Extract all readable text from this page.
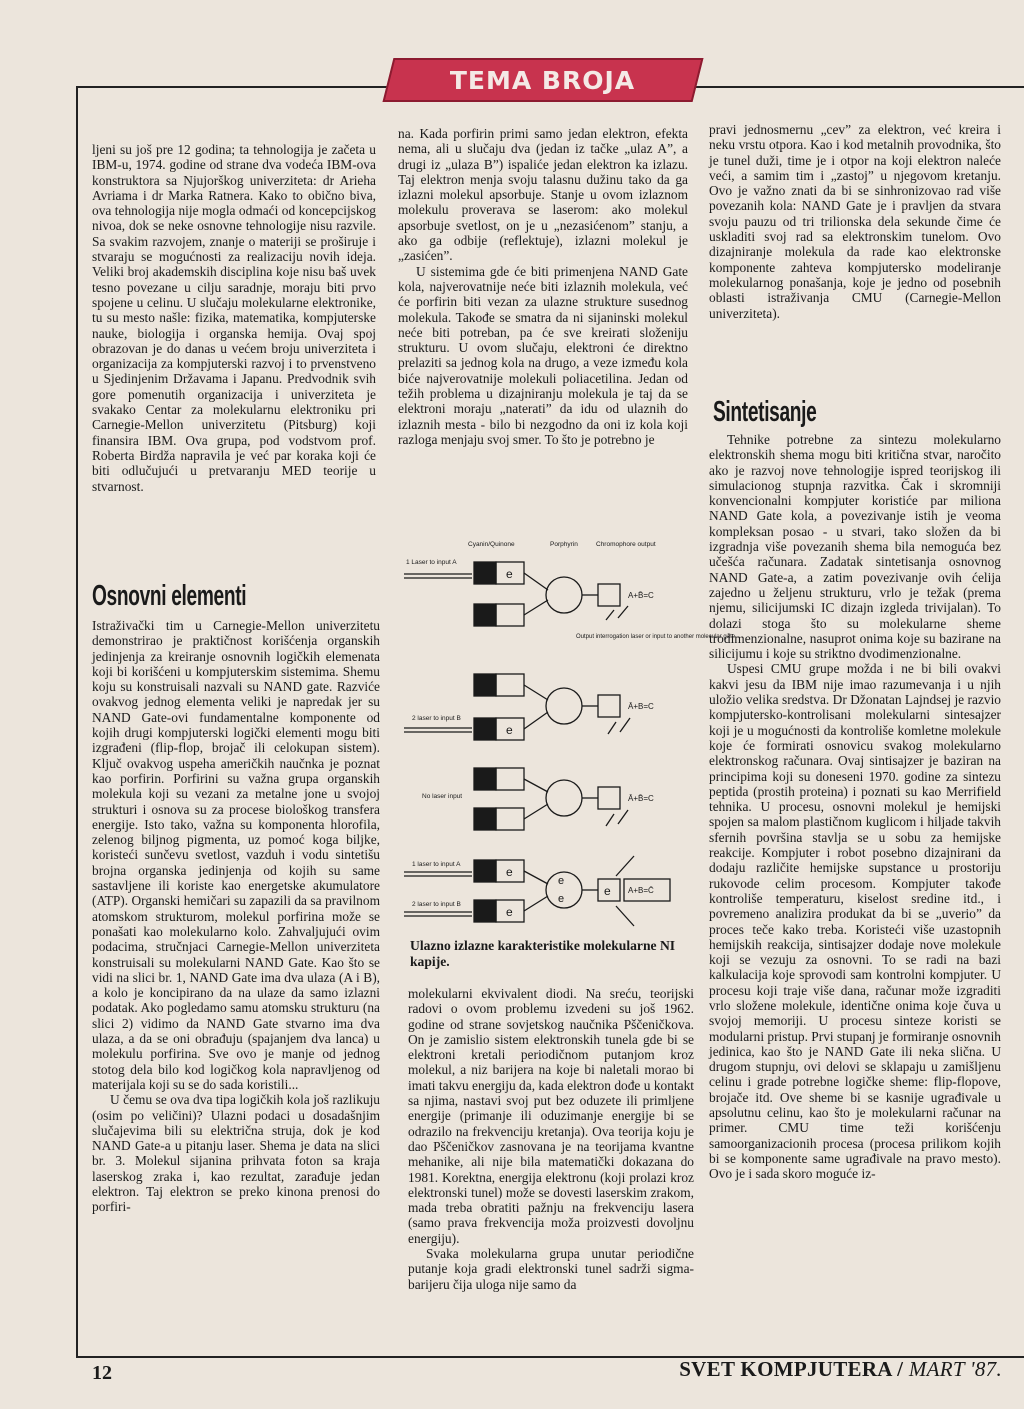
TEMA BROJA

ljeni su još pre 12 godina; ta tehnologija je začeta u IBM-u, 1974. godine od strane dva vodeća IBM-ova konstruktora sa Njujorškog univerziteta: dr Arieha Avriama i dr Marka Ratnera. Kako to obično biva, ova tehnologija nije mogla odmaći od koncepcijskog nivoa, dok se neke osnovne tehnologije nisu razvile. Sa svakim razvojem, znanje o materiji se proširuje i stvaraju se mogućnosti za realizaciju novih ideja. Veliki broj akademskih disciplina koje nisu baš uvek tesno povezane u cilju saradnje, moraju biti prvo spojene u celinu. U slučaju molekularne elektronike, tu su mesto našle: fizika, matematika, kompjuterske nauke, biologija i organska hemija. Ovaj spoj obrazovan je do danas u većem broju univerziteta i organizacija za kompjuterski razvoj i to prvenstveno u Sjedinjenim Državama i Japanu. Predvodnik svih gore pomenutih organizacija i univerziteta je svakako Centar za molekularnu elektroniku pri Carnegie-Mellon univerzitetu (Pitsburg) koji finansira IBM. Ova grupa, pod vodstvom prof. Roberta Birdža napravila je već par koraka koji će biti odlučujući u pretvaranju MED teorije u stvarnost.

Osnovni elementi

Istraživački tim u Carnegie-Mellon univerzitetu demonstrirao je praktičnost korišćenja organskih jedinjenja za kreiranje osnovnih logičkih elemenata koji bi korišćeni u kompjuterskim sistemima. Shemu koju su konstruisali nazvali su NAND gate. Razviće ovakvog jednog elementa veliki je napredak jer su NAND Gate-ovi fundamentalne komponente od kojih drugi kompjuterski logički elementi mogu biti izgrađeni (flip-flop, brojač ili celokupan sistem). Ključ ovakvog uspeha američkih naučnka je poznat kao porfirin. Porfirini su važna grupa organskih molekula koji su vezani za metalne jone u svojoj strukturi i osnova su za procese biološkog transfera energije. Isto tako, važna su komponenta hlorofila, zelenog biljnog pigmenta, uz pomoć koga biljke, koristeći sunčevu svetlost, vazduh i vodu sintetišu brojna organska jedinjenja od kojih su same sastavljene ili koriste kao energetske akumulatore (ATP). Organski hemičari su zapazili da sa pravilnom atomskom strukturom, molekul porfirina može se ponašati kao molekularno kolo. Zahvaljujući ovim podacima, stručnjaci Carnegie-Mellon univerziteta konstruisali su molekularni NAND Gate. Kao što se vidi na slici br. 1, NAND Gate ima dva ulaza (A i B), a kolo je koncipirano da na ulaze da samo izlazni podatak. Ako pogledamo samu atomsku strukturu (na slici 2) vidimo da NAND Gate stvarno ima dva ulaza, a da se oni obrađuju (spajanjem dva lanca) u molekulu porfirina. Sve ovo je manje od jednog stotog dela bilo kod logičkog kola napravljenog od materijala koji su se do sada koristili...

U čemu se ova dva tipa logičkih kola još razlikuju (osim po veličini)? Ulazni podaci u dosadašnjim slučajevima bili su električna struja, dok je kod NAND Gate-a u pitanju laser. Shema je data na slici br. 3. Molekul sijanina prihvata foton sa kraja laserskog zraka i, kao rezultat, zarađuje jedan elektron. Taj elektron se preko kinona prenosi do porfiri-

na. Kada porfirin primi samo jedan elektron, efekta nema, ali u slučaju dva (jedan iz tačke „ulaz A”, a drugi iz „ulaza B”) ispaliće jedan elektron ka izlazu. Taj elektron menja svoju talasnu dužinu tako da ga izlazni molekul apsorbuje. Stanje u ovom izlaznom molekulu proverava se laserom: ako molekul apsorbuje svetlost, on je u „nezasićenom” stanju, a ako ga odbije (reflektuje), izlazni molekul je „zasićen”.

U sistemima gde će biti primenjena NAND Gate kola, najverovatnije neće biti izlaznih molekula, već će porfirin biti vezan za ulazne strukture susednog molekula. Takođe se smatra da ni sijaninski molekul neće biti potreban, pa će sve kreirati složeniju strukturu. U ovom slučaju, elektroni će direktno prelaziti sa jednog kola na drugo, a veze između kola biće najverovatnije molekuli poliacetilina. Jedan od težih problema u dizajniranju molekula je taj da se elektroni moraju „naterati” da idu od ulaznih do izlaznih mesta - bilo bi nezgodno da oni iz kola koji razloga menjaju svoj smer. To što je potrebno je

Cyanin/Quinone	Porphyrin	Chromophore output
1 Laser to input A
e
A+B̄=C
Output interrogation laser or input to another molecular gate
2 laser to input B
e
Ā+B=C
No laser input	Ā+B̄=C
1 laser to input A
e
2 laser to input B
e
e
e
e A+B=C̄

Ulazno izlazne karakteristike molekularne NI kapije.

molekularni ekvivalent diodi. Na sreću, teorijski radovi o ovom problemu izvedeni su još 1962. godine od strane sovjetskog naučnika Pščeničkova. On je zamislio sistem elektronskih tunela gde bi se elektroni kretali periodičnom putanjom kroz molekul, a niz barijera na koje bi naletali morao bi imati takvu energiju da, kada elektron dođe u kontakt sa njima, nastavi svoj put bez oduzete ili primljene energije (primanje ili oduzimanje energije bi se odrazilo na frekvenciju kretanja). Ova teorija koju je dao Pščeničkov zasnovana je na teorijama kvantne mehanike, ali nije bila matematički dokazana do 1981. Korektna, energija elektronu (koji prolazi kroz elektronski tunel) može se dovesti laserskim zrakom, mada treba obratiti pažnju na frekvenciju lasera (samo prava frekvencija moža proizvesti dovoljnu energiju).

Svaka molekularna grupa unutar periodične putanje koja gradi elektronski tunel sadrži sigma-barijeru čija uloga nije samo da

pravi jednosmernu „cev” za elektron, već kreira i neku vrstu otpora. Kao i kod metalnih provodnika, što je tunel duži, time je i otpor na koji elektron naleće veći, a samim tim i „zastoj” u njegovom kretanju. Ovo je važno znati da bi se sinhronizovao rad više povezanih kola: NAND Gate je i pravljen da stvara svoju pauzu od tri trilionska dela sekunde čime će uskladiti svoj rad sa elektronskim tunelom. Ovo dizajniranje molekula da rade kao elektronske komponente zahteva kompjutersko modeliranje molekularnog ponašanja, koje je jedno od posebnih oblasti istraživanja CMU (Carnegie-Mellon univerziteta).

Sintetisanje

Tehnike potrebne za sintezu molekularno elektronskih shema mogu biti kritična stvar, naročito ako je razvoj nove tehnologije ispred teorijskog ili simulacionog stupnja razvitka. Čak i skromniji konvencionalni kompjuter koristiće par miliona NAND Gate kola, a povezivanje istih je veoma kompleksan posao - u stvari, tako složen da bi izgradnja više povezanih shema bila nemoguća bez učešća računara. Zadatak sintetisanja osnovnog NAND Gate-a, a zatim povezivanje ovih ćelija zajedno u željenu strukturu, vrlo je težak (prema njemu, silicijumski IC dizajn izgleda trivijalan). To dolazi stoga što su molekularne sheme trodimenzionalne, nasuprot onima koje su bazirane na silicijumu i koje su striktno dvodimenzionalne.

Uspesi CMU grupe možda i ne bi bili ovakvi kakvi jesu da IBM nije imao razumevanja i u njih uložio velika sredstva. Dr Džonatan Lajndsej je razvio kompjutersko-kontrolisani molekularni sintesajzer koji je u mogućnosti da kontroliše komletne molekule koje će formirati osnovicu svakog molekularno elektronskog računara. Ovaj sintisajzer je baziran na principima koji su doneseni 1970. godine za sintezu peptida (prostih proteina) i poznati su kao Merrifield tehnika. U procesu, osnovni molekul je hemijski spojen sa malom plastičnom kuglicom i hiljade takvih sfernih površina stavlja se u sobu za hemijske reakcije. Kompjuter i robot posebno dizajnirani da dodaju različite hemijske supstance u prostoriju rukovode celim procesom. Kompjuter takođe kontroliše temperaturu, kiselost sredine itd., i povremeno analizira produkat da bi se „uverio” da proces teče kako treba. Koristeći više uzastopnih hemijskih reakcija, sintisajzer dodaje nove molekule koji se vezuju za osnovni. To se radi na bazi kalkulacija koje sprovodi sam kontrolni kompjuter. U procesu koji traje više dana, računar može izgraditi vrlo složene molekule, identične onima koje čuva u svojoj memoriji. U procesu sinteze koristi se modularni pristup. Prvi stupanj je formiranje osnovnih jedinica, kao što je NAND Gate ili neka slična. U drugom stupnju, ovi delovi se sklapaju u zamišljenu celinu i grade potrebne logičke sheme: flip-flopove, brojače itd. Ove sheme bi se kasnije ugrađivale u apsolutnu celinu, kao što je molekularni računar na primer. CMU time teži korišćenju samoorganizacionih procesa (procesa prilikom kojih bi se komponente same ugrađivale na pravo mesto). Ovo je i sada skoro moguće iz-

12	SVET KOMPJUTERA / MART '87.
